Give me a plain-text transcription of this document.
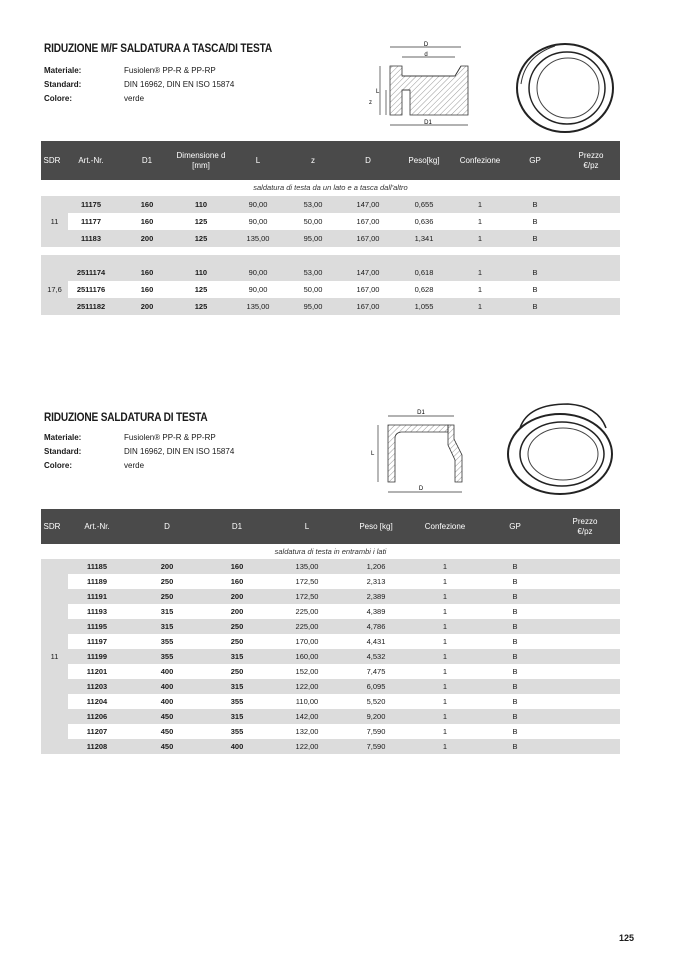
RIDUZIONE M/F SALDATURA A TASCA/DI TESTA
Materiale:	Fusiolen® PP-R & PP-RP
Standard:	DIN 16962, DIN EN ISO 15874
Colore:	verde
D
d
L
z
D1
SDR Art.-Nr.	D1
Dimensione d [mm]
L	z	D	Peso[kg]	Confezione	GP
Prezzo €/pz
saldatura di testa da un lato e a tasca dall'altro
11
11175	160	110	90,00	53,00	147,00	0,655	1	B
11177	160	125	90,00	50,00	167,00	0,636	1	B
11183	200	125	135,00	95,00	167,00	1,341	1	B
17,6
2511174	160	110	90,00	53,00	147,00	0,618	1	B
2511176	160	125	90,00	50,00	167,00	0,628	1	B
2511182	200	125	135,00	95,00	167,00	1,055	1	B
RIDUZIONE SALDATURA DI TESTA
Materiale:	Fusiolen® PP-R & PP-RP
Standard:	DIN 16962, DIN EN ISO 15874
Colore:	verde
D1
L
D
SDR	Art.-Nr.	D	D1	L	Peso [kg]	Confezione	GP
Prezzo €/pz
saldatura di testa in entrambi i lati
11
11185	200	160	135,00	1,206	1	B
11189	250	160	172,50	2,313	1	B
11191	250	200	172,50	2,389	1	B
11193	315	200	225,00	4,389	1	B
11195	315	250	225,00	4,786	1	B
11197	355	250	170,00	4,431	1	B
11199	355	315	160,00	4,532	1	B
11201	400	250	152,00	7,475	1	B
11203	400	315	122,00	6,095	1	B
11204	400	355	110,00	5,520	1	B
11206	450	315	142,00	9,200	1	B
11207	450	355	132,00	7,590	1	B
11208	450	400	122,00	7,590	1	B
125
